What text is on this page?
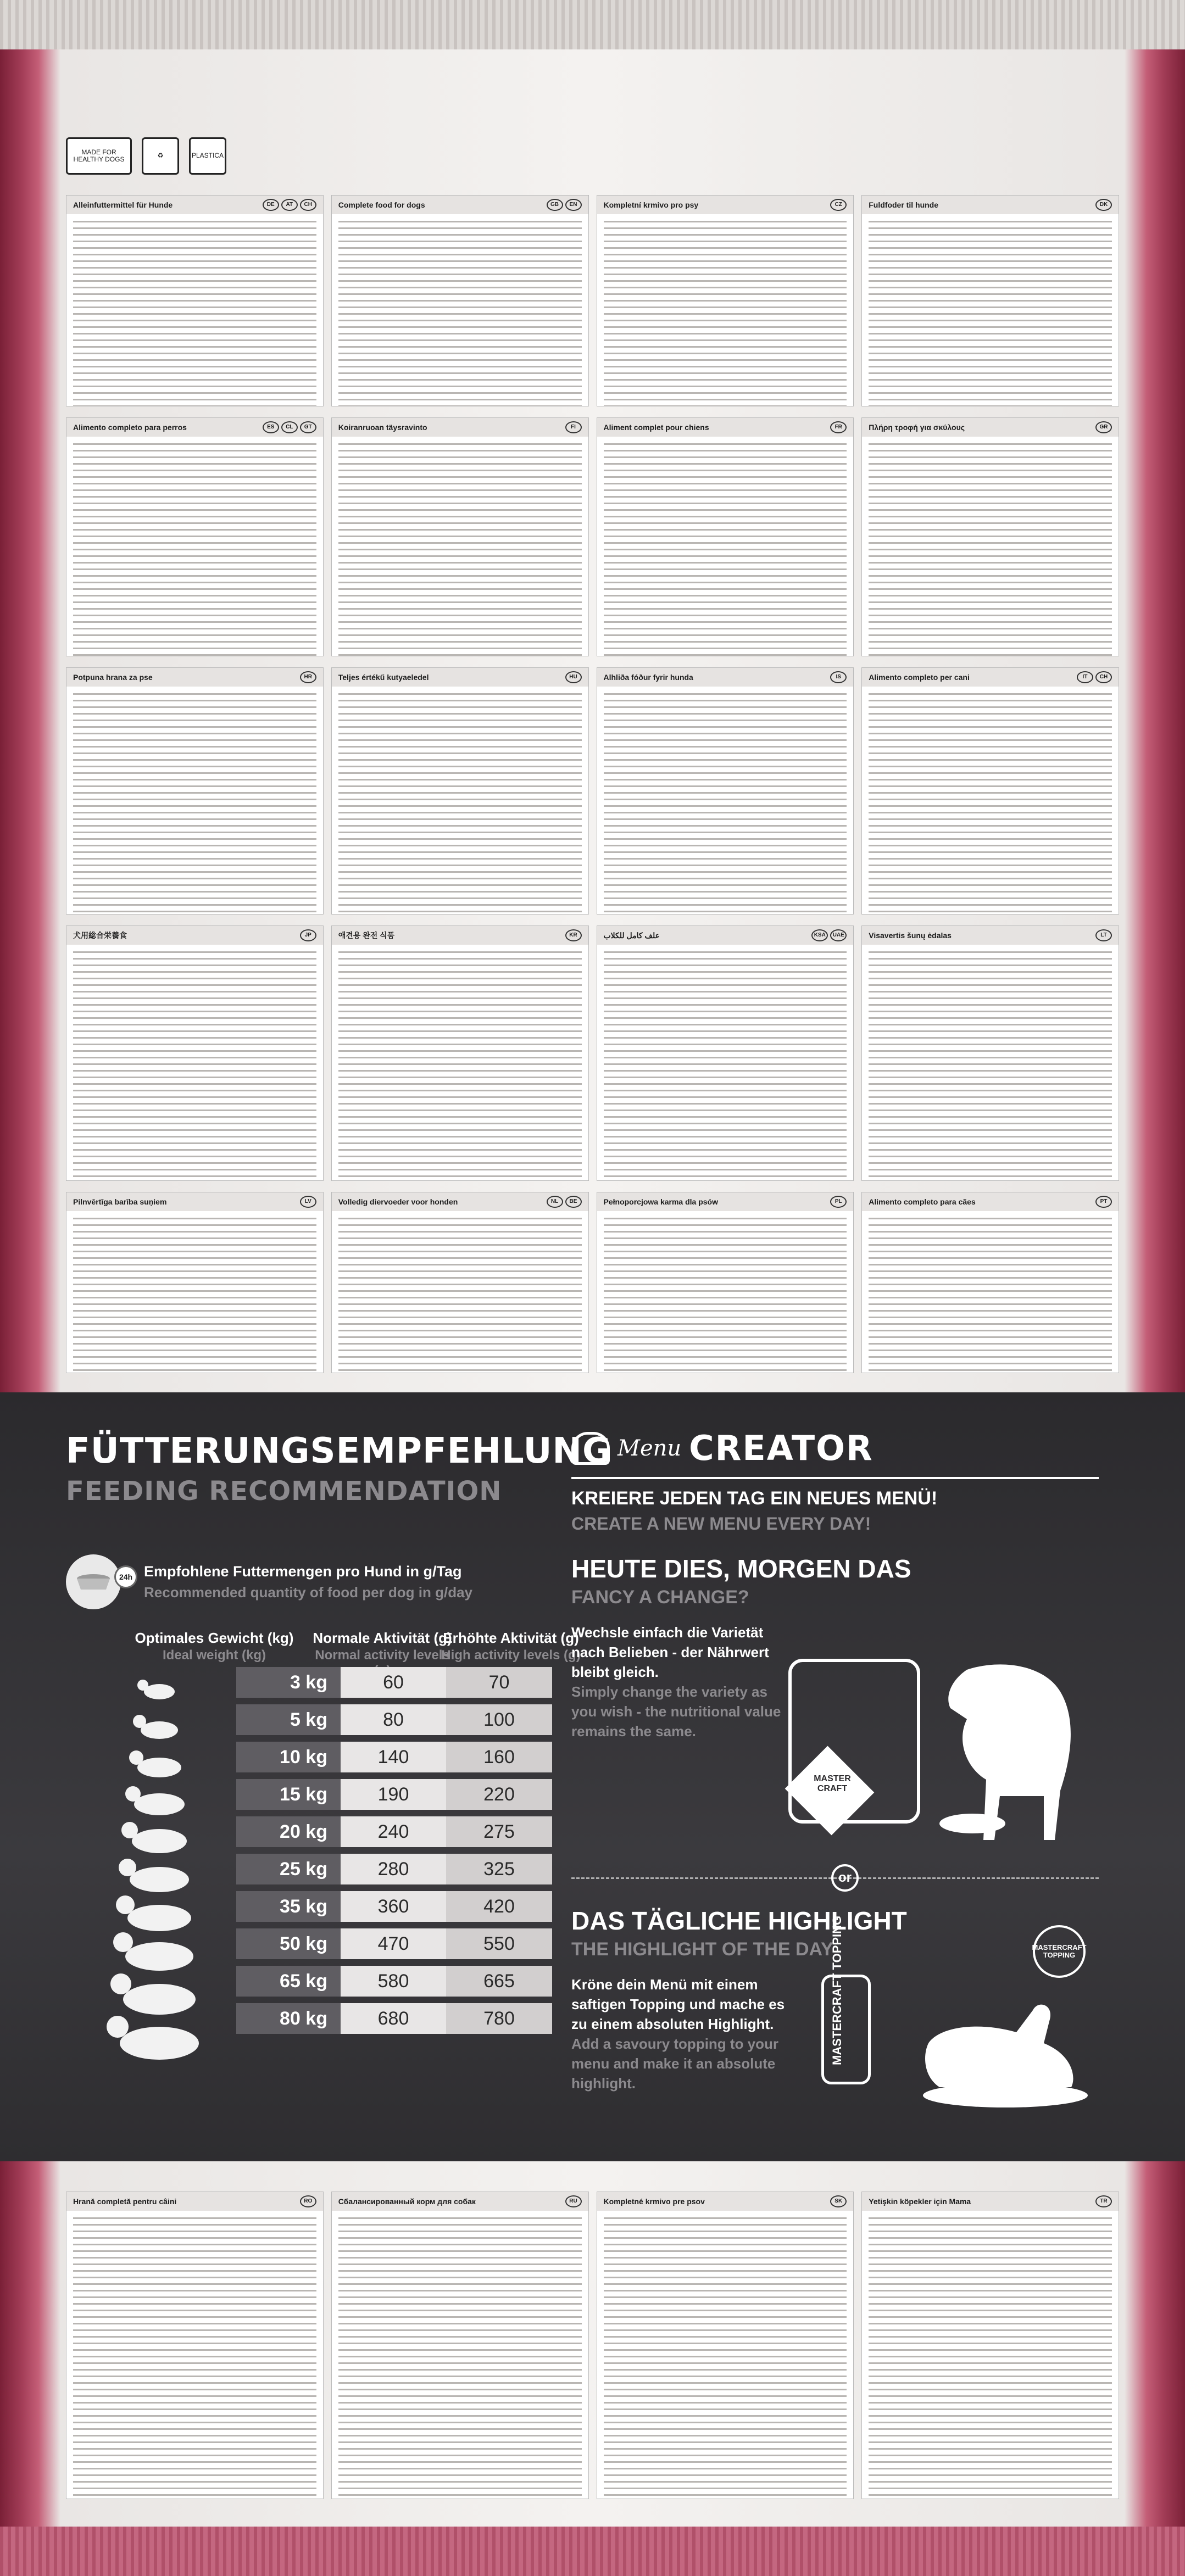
MADE FOR HEALTHY DOGS	♻	PLASTICA
Alleinfuttermittel für Hunde	DE	AT	CH	Complete food for dogs	GB	EN	Kompletní krmivo pro psy	CZ	Fuldfoder til hunde	DK
Alimento completo para perros	ES	CL	GT	Koiranruoan täysravinto	FI	Aliment complet pour chiens	FR	Πλήρη τροφή για σκύλους	GR
Potpuna hrana za pse	HR	Teljes értékű kutyaeledel	HU	Alhliða fóður fyrir hunda	IS	Alimento completo per cani	IT	CH
犬用総合栄養食	JP	애견용 완전 식품	KR	علف كامل للكلاب	KSA	UAE	Visavertis šunų ėdalas	LT
Pilnvērtīga barība suņiem	LV	Volledig diervoeder voor honden	NL	BE	Pełnoporcjowa karma dla psów	PL	Alimento completo para cães	PT
FÜTTERUNGSEMPFEHLUNG
FEEDING RECOMMENDATION
24h Empfohlene Futtermengen pro Hund in g/Tag
Recommended quantity of food per dog in g/day
Optimales Gewicht (kg)
Ideal weight (kg)
Normale Aktivität (g)
Normal activity levels
Erhöhte Aktivität (g)
High activity levels (g)
3 kg	60	70
5 kg	80	100
10 kg	140	160
15 kg	190	220
20 kg	240	275
25 kg	280	325
35 kg	360	420
50 kg	470	550
65 kg	580	665
80 kg	680	780
Menu CREATOR
KREIERE JEDEN TAG EIN NEUES MENÜ!
CREATE A NEW MENU EVERY DAY!
HEUTE DIES, MORGEN DAS
FANCY A CHANGE?
Wechsle einfach die Varietät nach Belieben - der Nährwert bleibt gleich.
Simply change the variety as you wish - the nutritional value remains the same.
MASTER CRAFT
or
DAS TÄGLICHE HIGHLIGHT
THE HIGHLIGHT OF THE DAY
Kröne dein Menü mit einem saftigen Topping und mache es zu einem absoluten Highlight.
Add a savoury topping to your menu and make it an absolute highlight.
MASTERCRAFT TOPPING	MASTERCRAFT TOPPING
Hrană completă pentru câini	RO	Сбалансированный корм для собак	RU	Kompletné krmivo pre psov	SK	Yetişkin köpekler için Mama	TR
